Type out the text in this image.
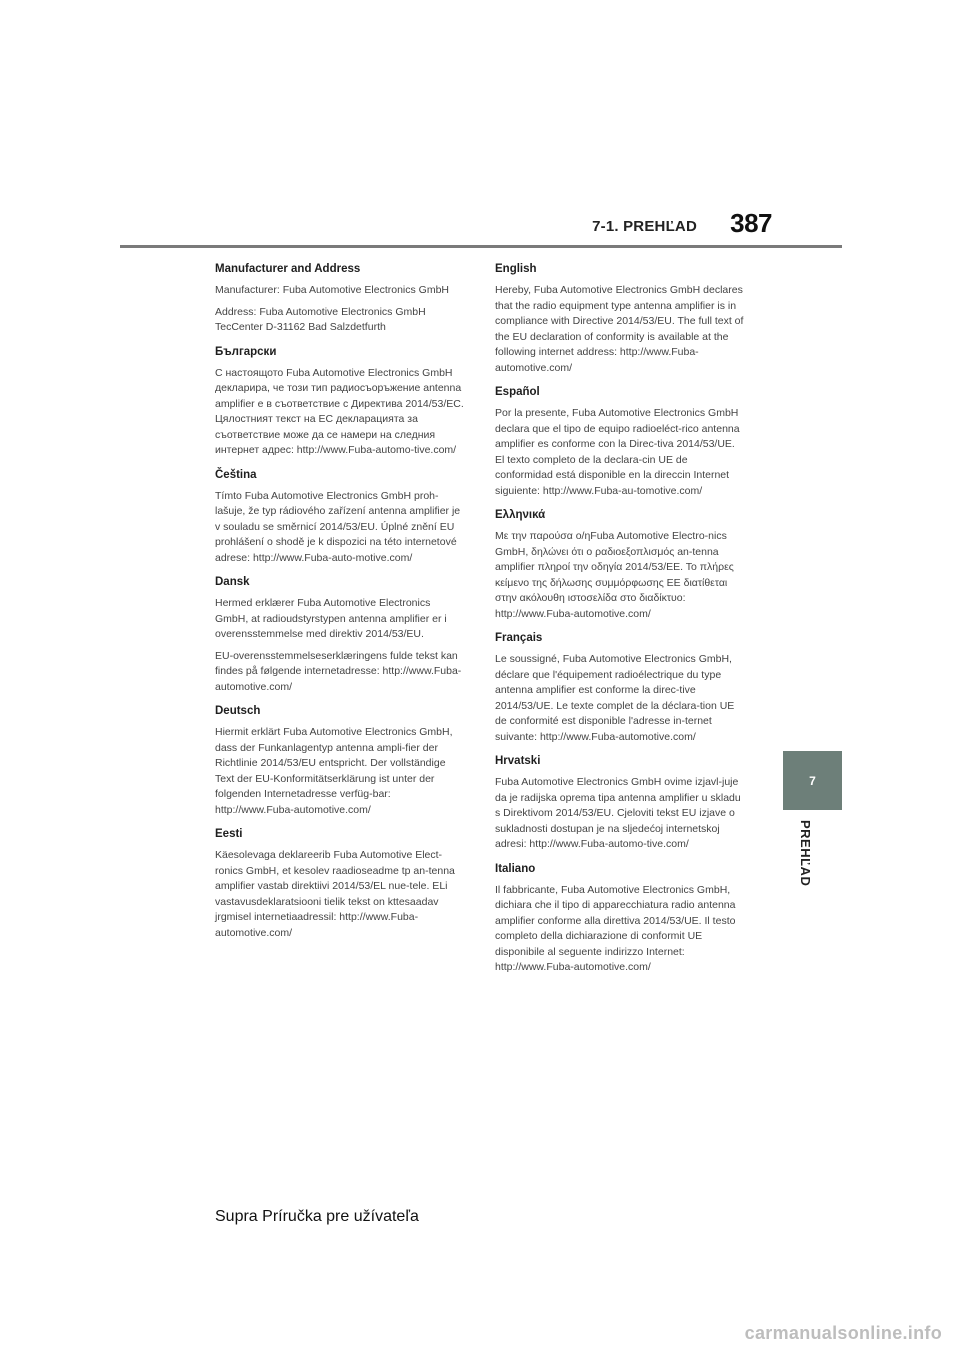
7-1. PREHĽAD 387
7
PREHĽAD
Manufacturer and Address

Manufacturer: Fuba Automotive Electronics GmbH

Address: Fuba Automotive Electronics GmbH TecCenter D-31162 Bad Salzdetfurth

Български

С настоящото Fuba Automotive Electronics GmbH декларира, че този тип радиосъоръжение antenna amplifier е в съответствие с Директива 2014/53/ЕС. Цялостният текст на ЕС декларацията за съответствие може да се намери на следния интернет адрес: http://www.Fuba-automo-tive.com/

Čeština

Tímto Fuba Automotive Electronics GmbH proh-lašuje, že typ rádiového zařízení antenna amplifier je v souladu se směrnicí 2014/53/EU. Úplné znění EU prohlášení o shodě je k dispozici na této internetové adrese: http://www.Fuba-auto-motive.com/

Dansk

Hermed erklærer Fuba Automotive Electronics GmbH, at radioudstyrstypen antenna amplifier er i overensstemmelse med direktiv 2014/53/EU.

EU-overensstemmelseserklæringens fulde tekst kan findes på følgende internetadresse: http://www.Fuba-automotive.com/

Deutsch

Hiermit erklärt Fuba Automotive Electronics GmbH, dass der Funkanlagentyp antenna ampli-fier der Richtlinie 2014/53/EU entspricht. Der vollständige Text der EU-Konformitätserklärung ist unter der folgenden Internetadresse verfüg-bar: http://www.Fuba-automotive.com/

Eesti

Käesolevaga deklareerib Fuba Automotive Elect-ronics GmbH, et kesolev raadioseadme tp an-tenna amplifier vastab direktiivi 2014/53/EL nue-tele. ELi vastavusdeklaratsiooni tielik tekst on kttesaadav jrgmisel internetiaadressil: http://www.Fuba-automotive.com/

English

Hereby, Fuba Automotive Electronics GmbH declares that the radio equipment type antenna amplifier is in compliance with Directive 2014/53/EU. The full text of the EU declaration of conformity is available at the following internet address: http://www.Fuba-automotive.com/

Español

Por la presente, Fuba Automotive Electronics GmbH declara que el tipo de equipo radioeléct-rico antenna amplifier es conforme con la Direc-tiva 2014/53/UE. El texto completo de la declara-cin UE de conformidad está disponible en la direccin Internet siguiente: http://www.Fuba-au-tomotive.com/

Ελληνικά

Με την παρούσα ο/ηFuba Automotive Electro-nics GmbH, δηλώνει ότι ο ραδιοεξοπλισμός an-tenna amplifier πληροί την οδηγία 2014/53/ΕΕ. Το πλήρες κείμενο της δήλωσης συμμόρφωσης ΕΕ διατίθεται στην ακόλουθη ιστοσελίδα στο διαδίκτυο: http://www.Fuba-automotive.com/

Français

Le soussigné, Fuba Automotive Electronics GmbH, déclare que l'équipement radioélectrique du type antenna amplifier est conforme la direc-tive 2014/53/UE. Le texte complet de la déclara-tion UE de conformité est disponible l'adresse in-ternet suivante: http://www.Fuba-automotive.com/

Hrvatski

Fuba Automotive Electronics GmbH ovime izjavl-juje da je radijska oprema tipa antenna amplifier u skladu s Direktivom 2014/53/EU. Cjeloviti tekst EU izjave o sukladnosti dostupan je na sljedećoj internetskoj adresi: http://www.Fuba-automo-tive.com/

Italiano

Il fabbricante, Fuba Automotive Electronics GmbH, dichiara che il tipo di apparecchiatura radio antenna amplifier conforme alla direttiva 2014/53/UE. Il testo completo della dichiarazione di conformit UE disponibile al seguente indirizzo Internet: http://www.Fuba-automotive.com/

Supra Príručka pre užívateľa
carmanualsonline.info
